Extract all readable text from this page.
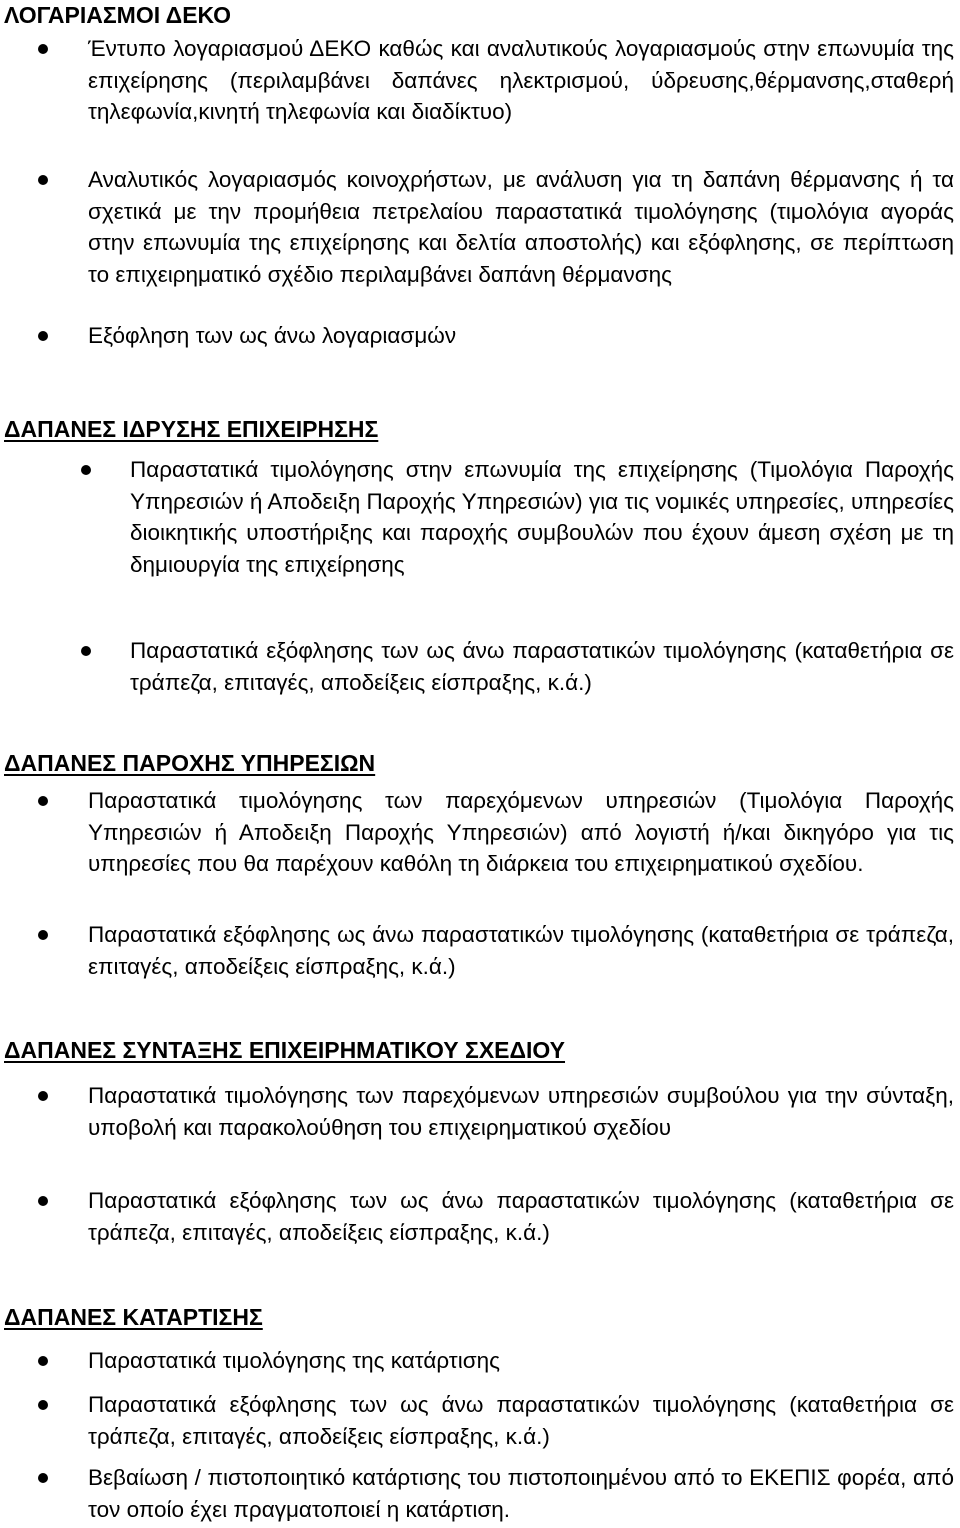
ΛΟΓΑΡΙΑΣΜΟΙ ΔΕΚΟ
Έντυπο λογαριασμού ΔΕΚΟ καθώς και αναλυτικούς λογαριασμούς στην επωνυμία της επιχείρησης (περιλαμβάνει δαπάνες ηλεκτρισμού, ύδρευσης,θέρμανσης,σταθερή τηλεφωνία,κινητή τηλεφωνία και διαδίκτυο)
Αναλυτικός λογαριασμός κοινοχρήστων, με ανάλυση για τη δαπάνη θέρμανσης ή τα σχετικά με την προμήθεια πετρελαίου παραστατικά τιμολόγησης (τιμολόγια αγοράς στην επωνυμία της επιχείρησης και δελτία αποστολής) και εξόφλησης, σε περίπτωση το επιχειρηματικό σχέδιο περιλαμβάνει δαπάνη θέρμανσης
Εξόφληση των ως άνω λογαριασμών
ΔΑΠΑΝΕΣ ΙΔΡΥΣΗΣ ΕΠΙΧΕΙΡΗΣΗΣ
Παραστατικά τιμολόγησης στην επωνυμία της επιχείρησης (Τιμολόγια Παροχής Υπηρεσιών ή Αποδειξη Παροχής Υπηρεσιών) για τις νομικές υπηρεσίες, υπηρεσίες διοικητικής υποστήριξης και παροχής συμβουλών που έχουν άμεση σχέση με τη δημιουργία της επιχείρησης
Παραστατικά εξόφλησης των ως άνω παραστατικών τιμολόγησης (καταθετήρια σε τράπεζα, επιταγές, αποδείξεις είσπραξης, κ.ά.)
ΔΑΠΑΝΕΣ ΠΑΡΟΧΗΣ ΥΠΗΡΕΣΙΩΝ
Παραστατικά τιμολόγησης των παρεχόμενων υπηρεσιών (Τιμολόγια Παροχής Υπηρεσιών ή Αποδειξη Παροχής Υπηρεσιών) από λογιστή ή/και δικηγόρο για τις υπηρεσίες που θα παρέχουν καθόλη τη διάρκεια του επιχειρηματικού σχεδίου.
Παραστατικά εξόφλησης ως άνω παραστατικών τιμολόγησης (καταθετήρια σε τράπεζα, επιταγές, αποδείξεις είσπραξης, κ.ά.)
ΔΑΠΑΝΕΣ ΣΥΝΤΑΞΗΣ ΕΠΙΧΕΙΡΗΜΑΤΙΚΟΥ ΣΧΕΔΙΟΥ
Παραστατικά τιμολόγησης των παρεχόμενων υπηρεσιών συμβούλου για την σύνταξη, υποβολή και παρακολούθηση του επιχειρηματικού σχεδίου
Παραστατικά εξόφλησης των ως άνω παραστατικών τιμολόγησης (καταθετήρια σε τράπεζα, επιταγές, αποδείξεις είσπραξης, κ.ά.)
ΔΑΠΑΝΕΣ ΚΑΤΑΡΤΙΣΗΣ
Παραστατικά τιμολόγησης της κατάρτισης
Παραστατικά εξόφλησης των ως άνω παραστατικών τιμολόγησης (καταθετήρια σε τράπεζα, επιταγές, αποδείξεις είσπραξης, κ.ά.)
Βεβαίωση / πιστοποιητικό κατάρτισης του πιστοποιημένου από το ΕΚΕΠΙΣ φορέα, από τον οποίο έχει πραγματοποιεί η κατάρτιση.
